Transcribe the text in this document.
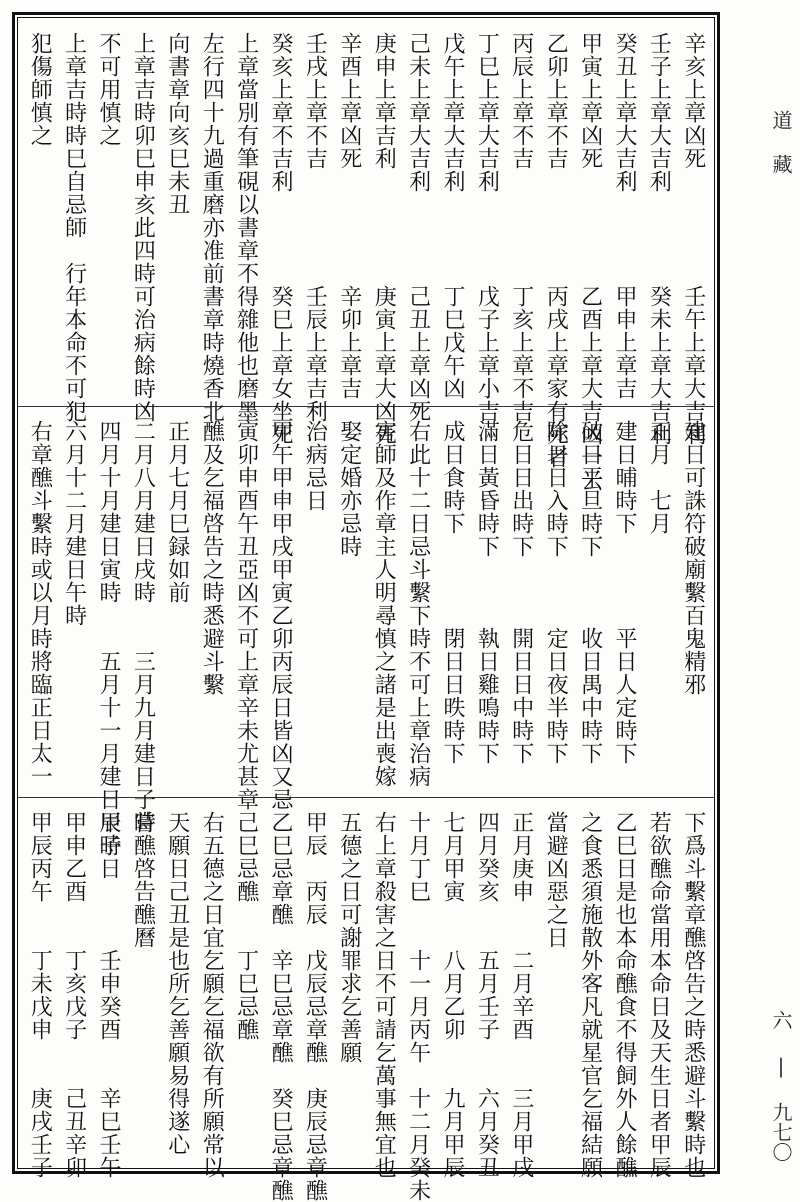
辛亥上章凶死　　　　　壬午上章大吉利
壬子上章大吉利　　　　癸未上章大吉利
癸丑上章大吉利　　　　甲申上章吉
甲寅上章凶死　　　　　乙酉上章大吉凶一云
乙卯上章不吉　　　　　丙戌上章家有死者
丙辰上章不吉　　　　　丁亥上章不吉
丁巳上章大吉利　　　　戊子上章小吉
戊午上章大吉利　　　　丁巳戊午凶
己未上章大吉利　　　　己丑上章凶死
庚申上章吉利　　　　　庚寅上章大凶死
辛酉上章凶死　　　　　辛卯上章吉
壬戌上章不吉　　　　　壬辰上章吉利
癸亥上章不吉利　　　　癸巳上章女坐死
上章當別有筆硯以書章不得雜他也磨墨
左行四十九過重磨亦准前書章時燒香北
向書章向亥巳未丑
上章吉時卯巳申亥此四時可治病餘時凶
不可用慎之
上章吉時時巳自忌師　行年本命不可犯
犯傷師慎之
建日可誅符破廟繫百鬼精邪
正月　七月
建日晡時下　　　　平日人定時下
破日平旦時下　　　收日禺中時下
除日日入時下　　　定日夜半時下
危日日出時下　　　開日日中時下
滿日黃昏時下　　　執日雞鳴時下
成日食時下　　　　閉日日昳時下
右此十二日忌斗繫下時不可上章治病
害師及作章主人明尋慎之諸是出喪嫁
娶定婚亦忌時
治病忌日
甲午甲申甲戌甲寅乙卯丙辰日皆凶又忌
寅卯申酉午丑亞凶不可上章辛未尤甚章
醮及乞福啓告之時悉避斗繫
正月七月巳録如前
二月八月建日戌時　　三月九月建日子時
四月十月建日寅時　　五月十一月建日辰時
六月十二月建日午時
右章醮斗繫時或以月時將臨正日太一
下爲斗繫章醮啓告之時悉避斗繫時也
若欲醮命當用本命日及天生日者甲辰
乙巳日是也本命醮食不得飼外人餘醮
之食悉須施散外客凡就星官乞福結願
當避凶惡之日
正月庚申　　二月辛酉　　三月甲戌
四月癸亥　　五月壬子　　六月癸丑
七月甲寅　　八月乙卯　　九月甲辰
十月丁巳　　十一月丙午　十二月癸未
右上章殺害之日不可請乞萬事無宜也
五德之日可謝罪求乞善願
甲辰　丙辰　戊辰忌章醮　庚辰忌章醮
乙巳忌章醮　辛巳忌章醮　癸巳忌章醮
己巳忌醮　　丁巳忌醮
右五德之日宜乞願乞福欲有所願常以
天願日己丑是也所乞善願易得遂心
嘗醮啓告醮曆
甲子日　　　壬申癸酉　　辛巳壬午
甲申乙酉　　丁亥戊子　　己丑辛卯
甲辰丙午　　丁未戊申　　庚戌壬子
道 藏
六 | 九七〇
